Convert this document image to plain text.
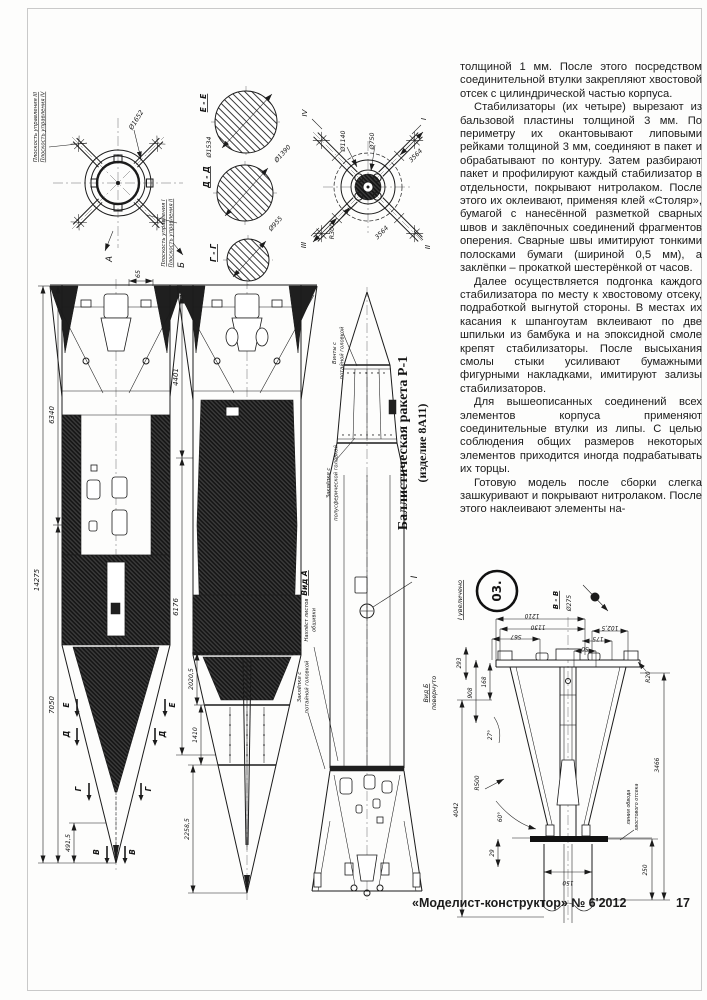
Ø1652
Плоскость управления III Плоскость управления IV
Плоскость управления I Плоскость управления II
А
Б
Е - Е
Ø1534
Д - Д
Ø1390
Г - Г
Ø955
3564
3564
Ø1140	Ø750
R300
IV
I
III	II
65
14275
6340
7050
491,5
Е
Д
Г
В
Е
Д
Г
В
4401
6176
2020,5
1410
2258,5
I
Винты с потайной головкой
Заклёпки с полусферической головкой
Нахлёст листов обшивки
Заклёпки с потайной головкой
Вид А
Вид Б повернуто
Баллистическая ракета Р-1 (изделие 8А11)
I увеличено 03.	В - В Ø275
1210
1130
567
293
908
168
102,5
175
50
R20
27°
R500
60°
4042
3466
250
29
150
линия обвода хвостового отсека

толщиной 1 мм. После этого посредством соединительной втулки закрепляют хвостовой отсек с цилиндрической частью корпуса.

Стабилизаторы (их четыре) вырезают из бальзовой пластины толщиной 3 мм. По периметру их окантовывают липовыми рейками толщиной 3 мм, соединяют в пакет и обрабатывают по контуру. Затем разбирают пакет и профилируют каждый стабилизатор в отдельности, покрывают нитролаком. После этого их оклеивают, применяя клей «Столяр», бумагой с нанесённой разметкой сварных швов и заклёпочных соединений фрагментов оперения. Сварные швы имитируют тонкими полосками бумаги (шириной 0,5 мм), а заклёпки – прокаткой шестерёнкой от часов.

Далее осуществляется подгонка каждого стабилизатора по месту к хвостовому отсеку, подработкой выгнутой стороны. В местах их касания к шпангоутам вклеивают по две шпильки из бамбука и на эпоксидной смоле крепят стабилизаторы. После высыхания смолы стыки усиливают бумажными фигурными накладками, имитируют зализы стабилизаторов.

Для вышеописанных соединений всех элементов корпуса применяют соединительные втулки из липы. С целью соблюдения общих размеров некоторых элементов приходится иногда подрабатывать их торцы.

Готовую модель после сборки слегка зашкуривают и покрывают нитролаком. После этого наклеивают элементы на-

«Моделист-конструктор» № 6'2012	17
